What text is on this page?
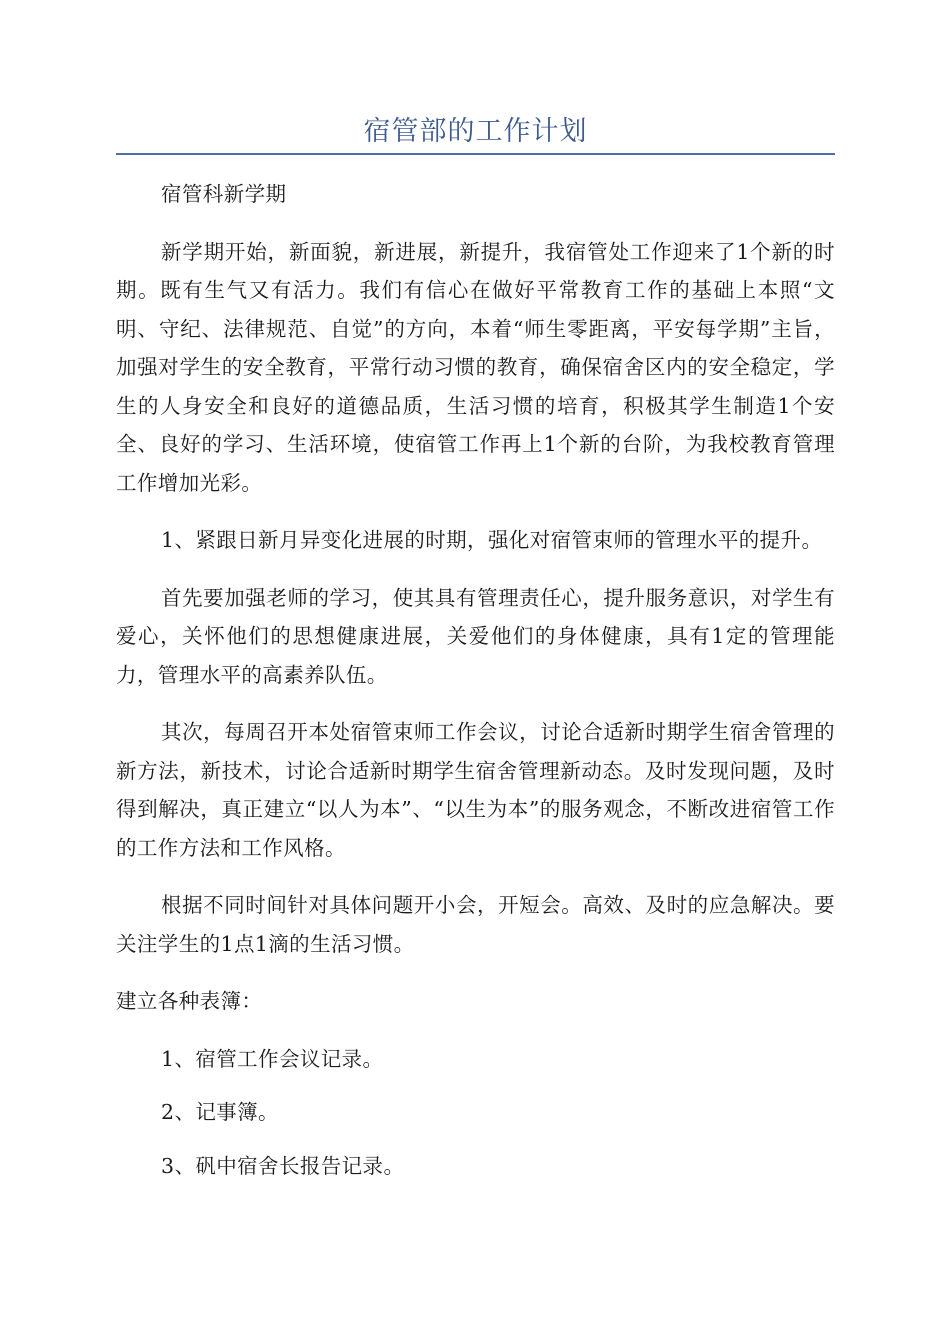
宿管部的工作计划

宿管科新学期

新学期开始，新面貌，新进展，新提升，我宿管处工作迎来了1个新的时期。既有生气又有活力。我们有信心在做好平常教育工作的基础上本照“文明、守纪、法律规范、自觉”的方向，本着“师生零距离，平安每学期”主旨，加强对学生的安全教育，平常行动习惯的教育，确保宿舍区内的安全稳定，学生的人身安全和良好的道德品质，生活习惯的培育，积极其学生制造1个安全、良好的学习、生活环境，使宿管工作再上1个新的台阶，为我校教育管理工作增加光彩。

1、紧跟日新月异变化进展的时期，强化对宿管束师的管理水平的提升。

首先要加强老师的学习，使其具有管理责任心，提升服务意识，对学生有爱心，关怀他们的思想健康进展，关爱他们的身体健康，具有1定的管理能力，管理水平的高素养队伍。

其次，每周召开本处宿管束师工作会议，讨论合适新时期学生宿舍管理的新方法，新技术，讨论合适新时期学生宿舍管理新动态。及时发现问题，及时得到解决，真正建立“以人为本”、“以生为本”的服务观念，不断改进宿管工作的工作方法和工作风格。

根据不同时间针对具体问题开小会，开短会。高效、及时的应急解决。要关注学生的1点1滴的生活习惯。

建立各种表簿：

1、宿管工作会议记录。

2、记事簿。

3、矾中宿舍长报告记录。
